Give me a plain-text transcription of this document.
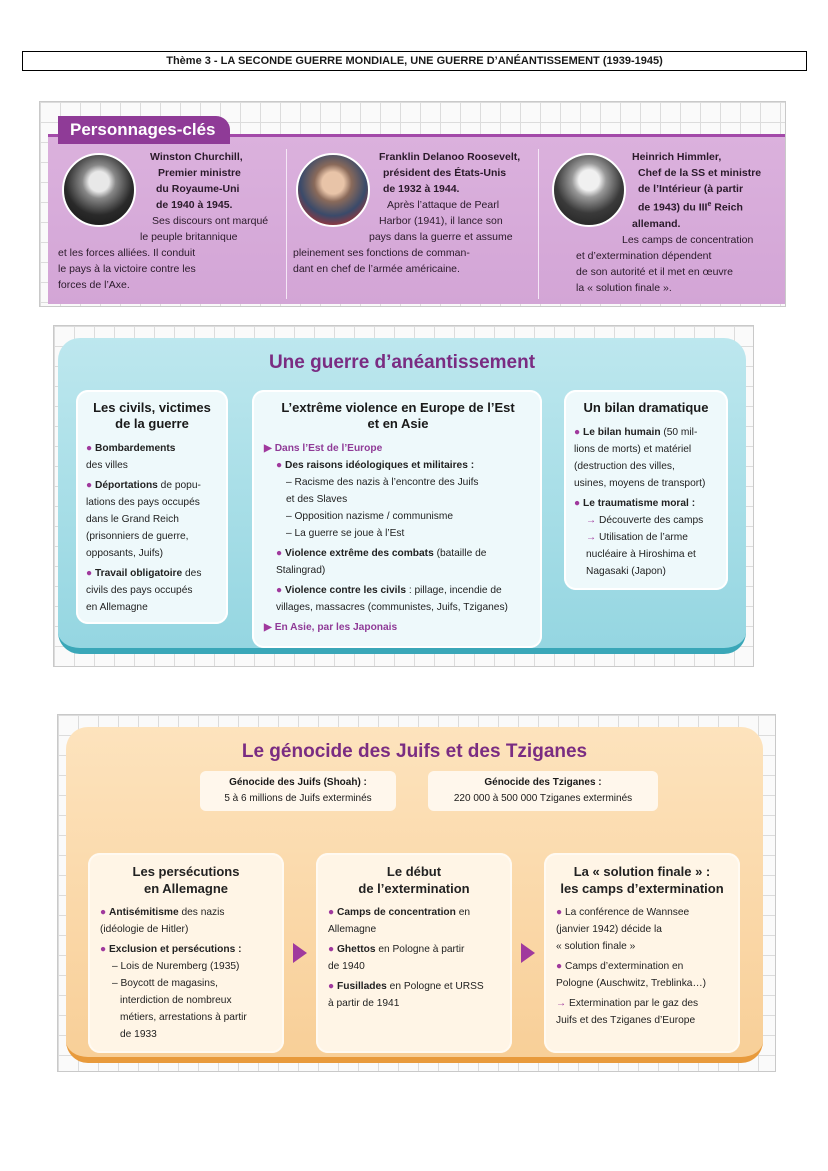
Thème 3 - LA SECONDE GUERRE MONDIALE, UNE GUERRE D’ANÉANTISSEMENT (1939-1945)
Winston Churchill,
Premier ministre
du Royaume-Uni
de 1940 à 1945.
Ses discours ont marqué
le peuple britannique
et les forces alliées. Il conduit
le pays à la victoire contre les
forces de l’Axe.
Franklin Delanoo Roosevelt,
président des États-Unis
de 1932 à 1944.
Après l’attaque de Pearl
Harbor (1941), il lance son
pays dans la guerre et assume
pleinement ses fonctions de comman-
dant en chef de l’armée américaine.
Heinrich Himmler,
Chef de la SS et ministre
de l’Intérieur (à partir
de 1943) du IIIe Reich
allemand.
Les camps de concentration
et d’extermination dépendent
de son autorité et il met en œuvre
la « solution finale ».
Personnages-clés
Une guerre d’anéantissement
Les civils, victimes
de la guerre
● Bombardements
des villes
● Déportations de popu-
lations des pays occupés
dans le Grand Reich
(prisonniers de guerre,
opposants, Juifs)
● Travail obligatoire des
civils des pays occupés
en Allemagne
L’extrême violence en Europe de l’Est
et en Asie
▶ Dans l’Est de l’Europe
● Des raisons idéologiques et militaires :
– Racisme des nazis à l’encontre des Juifs
et des Slaves
– Opposition nazisme / communisme
– La guerre se joue à l’Est
● Violence extrême des combats (bataille de
Stalingrad)
● Violence contre les civils : pillage, incendie de
villages, massacres (communistes, Juifs, Tziganes)
▶ En Asie, par les Japonais
Un bilan dramatique
● Le bilan humain (50 mil-
lions de morts) et matériel
(destruction des villes,
usines, moyens de transport)
● Le traumatisme moral :
→ Découverte des camps
→ Utilisation de l’arme
nucléaire à Hiroshima et
Nagasaki (Japon)
Le génocide des Juifs et des Tziganes
Génocide des Juifs (Shoah) :
5 à 6 millions de Juifs exterminés
Génocide des Tziganes :
220 000 à 500 000 Tziganes exterminés
Les persécutions
en Allemagne
● Antisémitisme des nazis
(idéologie de Hitler)
● Exclusion et persécutions :
– Lois de Nuremberg (1935)
– Boycott de magasins,
interdiction de nombreux
métiers, arrestations à partir
de 1933
Le début
de l’extermination
● Camps de concentration en
Allemagne
● Ghettos en Pologne à partir
de 1940
● Fusillades en Pologne et URSS
à partir de 1941
La « solution finale » :
les camps d’extermination
● La conférence de Wannsee
(janvier 1942) décide la
« solution finale »
● Camps d’extermination en
Pologne (Auschwitz, Treblinka…)
→ Extermination par le gaz des
Juifs et des Tziganes d’Europe
